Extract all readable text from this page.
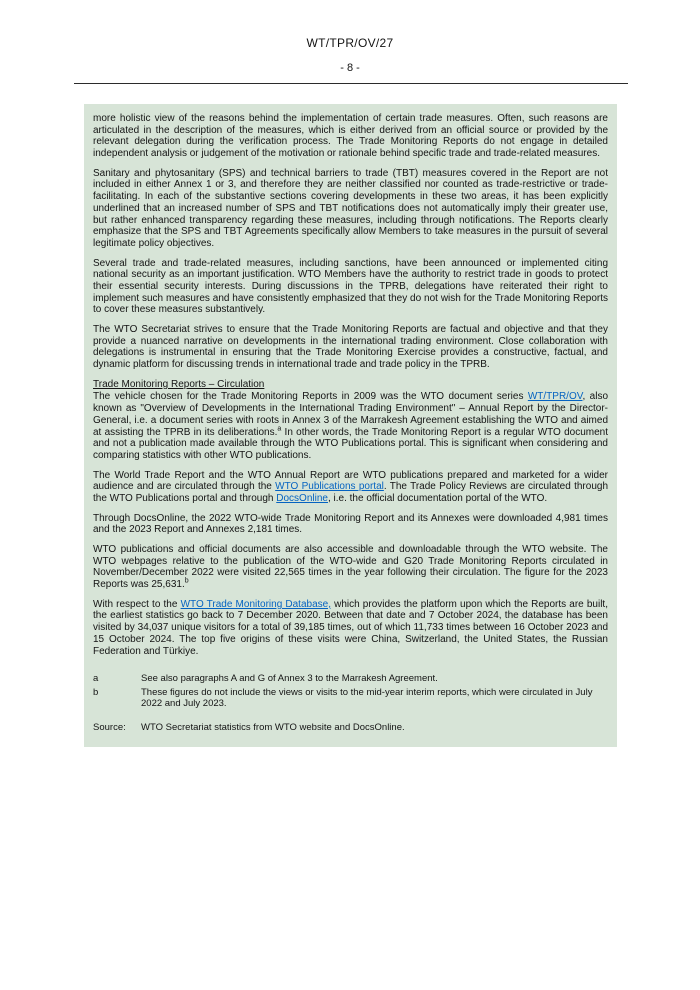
WT/TPR/OV/27
- 8 -

more holistic view of the reasons behind the implementation of certain trade measures. Often, such reasons are articulated in the description of the measures, which is either derived from an official source or provided by the relevant delegation during the verification process. The Trade Monitoring Reports do not engage in detailed independent analysis or judgement of the motivation or rationale behind specific trade and trade-related measures.

Sanitary and phytosanitary (SPS) and technical barriers to trade (TBT) measures covered in the Report are not included in either Annex 1 or 3, and therefore they are neither classified nor counted as trade-restrictive or trade-facilitating. In each of the substantive sections covering developments in these two areas, it has been explicitly underlined that an increased number of SPS and TBT notifications does not automatically imply their greater use, but rather enhanced transparency regarding these measures, including through notifications. The Reports clearly emphasize that the SPS and TBT Agreements specifically allow Members to take measures in the pursuit of several legitimate policy objectives.

Several trade and trade-related measures, including sanctions, have been announced or implemented citing national security as an important justification. WTO Members have the authority to restrict trade in goods to protect their essential security interests. During discussions in the TPRB, delegations have reiterated their right to implement such measures and have consistently emphasized that they do not wish for the Trade Monitoring Reports to cover these measures substantively.

The WTO Secretariat strives to ensure that the Trade Monitoring Reports are factual and objective and that they provide a nuanced narrative on developments in the international trading environment. Close collaboration with delegations is instrumental in ensuring that the Trade Monitoring Exercise provides a constructive, factual, and dynamic platform for discussing trends in international trade and trade policy in the TPRB.

Trade Monitoring Reports – Circulation

The vehicle chosen for the Trade Monitoring Reports in 2009 was the WTO document series WT/TPR/OV, also known as "Overview of Developments in the International Trading Environment" – Annual Report by the Director-General, i.e. a document series with roots in Annex 3 of the Marrakesh Agreement establishing the WTO and aimed at assisting the TPRB in its deliberations.$^a$ In other words, the Trade Monitoring Report is a regular WTO document and not a publication made available through the WTO Publications portal. This is significant when considering and comparing statistics with other WTO publications.

The World Trade Report and the WTO Annual Report are WTO publications prepared and marketed for a wider audience and are circulated through the WTO Publications portal. The Trade Policy Reviews are circulated through the WTO Publications portal and through DocsOnline, i.e. the official documentation portal of the WTO.

Through DocsOnline, the 2022 WTO-wide Trade Monitoring Report and its Annexes were downloaded 4,981 times and the 2023 Report and Annexes 2,181 times.

WTO publications and official documents are also accessible and downloadable through the WTO website. The WTO webpages relative to the publication of the WTO-wide and G20 Trade Monitoring Reports circulated in November/December 2022 were visited 22,565 times in the year following their circulation. The figure for the 2023 Reports was 25,631.$^b$

With respect to the WTO Trade Monitoring Database, which provides the platform upon which the Reports are built, the earliest statistics go back to 7 December 2020. Between that date and 7 October 2024, the database has been visited by 34,037 unique visitors for a total of 39,185 times, out of which 11,733 times between 16 October 2023 and 15 October 2024. The top five origins of these visits were China, Switzerland, the United States, the Russian Federation and Türkiye.

a	See also paragraphs A and G of Annex 3 to the Marrakesh Agreement.
b	These figures do not include the views or visits to the mid-year interim reports, which were circulated in July 2022 and July 2023.
Source:	WTO Secretariat statistics from WTO website and DocsOnline.
